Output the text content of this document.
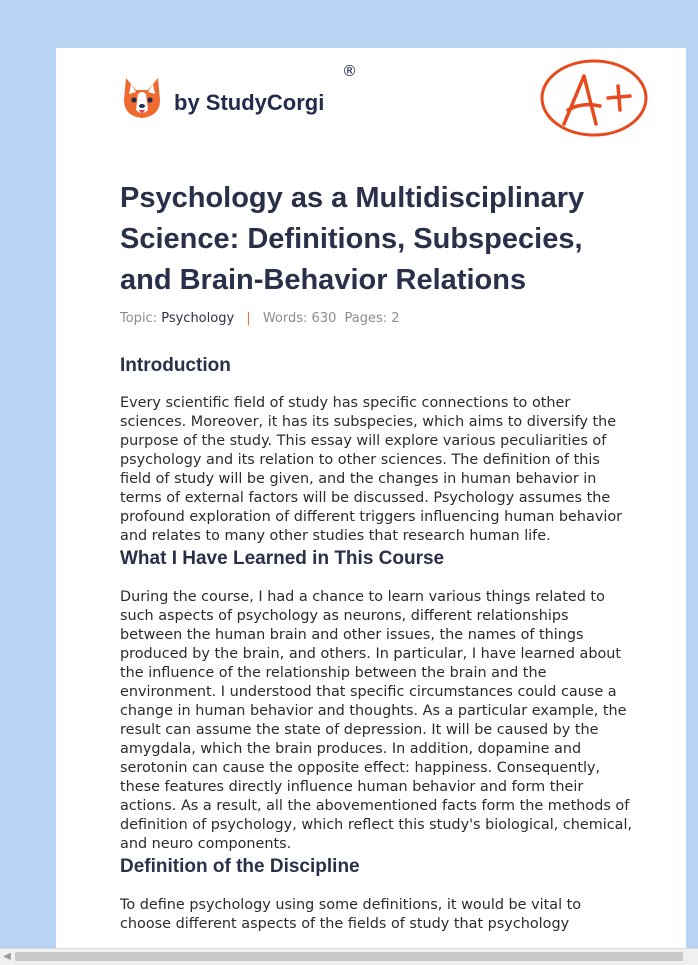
by StudyCorgi
®
Psychology as a Multidisciplinary Science: Definitions, Subspecies, and Brain-Behavior Relations
Topic: Psychology | Words: 630 Pages: 2
Introduction

Every scientific field of study has specific connections to other sciences. Moreover, it has its subspecies, which aims to diversify the purpose of the study. This essay will explore various peculiarities of psychology and its relation to other sciences. The definition of this field of study will be given, and the changes in human behavior in terms of external factors will be discussed. Psychology assumes the profound exploration of different triggers influencing human behavior and relates to many other studies that research human life.

What I Have Learned in This Course

During the course, I had a chance to learn various things related to such aspects of psychology as neurons, different relationships between the human brain and other issues, the names of things produced by the brain, and others. In particular, I have learned about the influence of the relationship between the brain and the environment. I understood that specific circumstances could cause a change in human behavior and thoughts. As a particular example, the result can assume the state of depression. It will be caused by the amygdala, which the brain produces. In addition, dopamine and serotonin can cause the opposite effect: happiness. Consequently, these features directly influence human behavior and form their actions. As a result, all the abovementioned facts form the methods of definition of psychology, which reflect this study's biological, chemical, and neuro components.

Definition of the Discipline

To define psychology using some definitions, it would be vital to choose different aspects of the fields of study that psychology

◀
